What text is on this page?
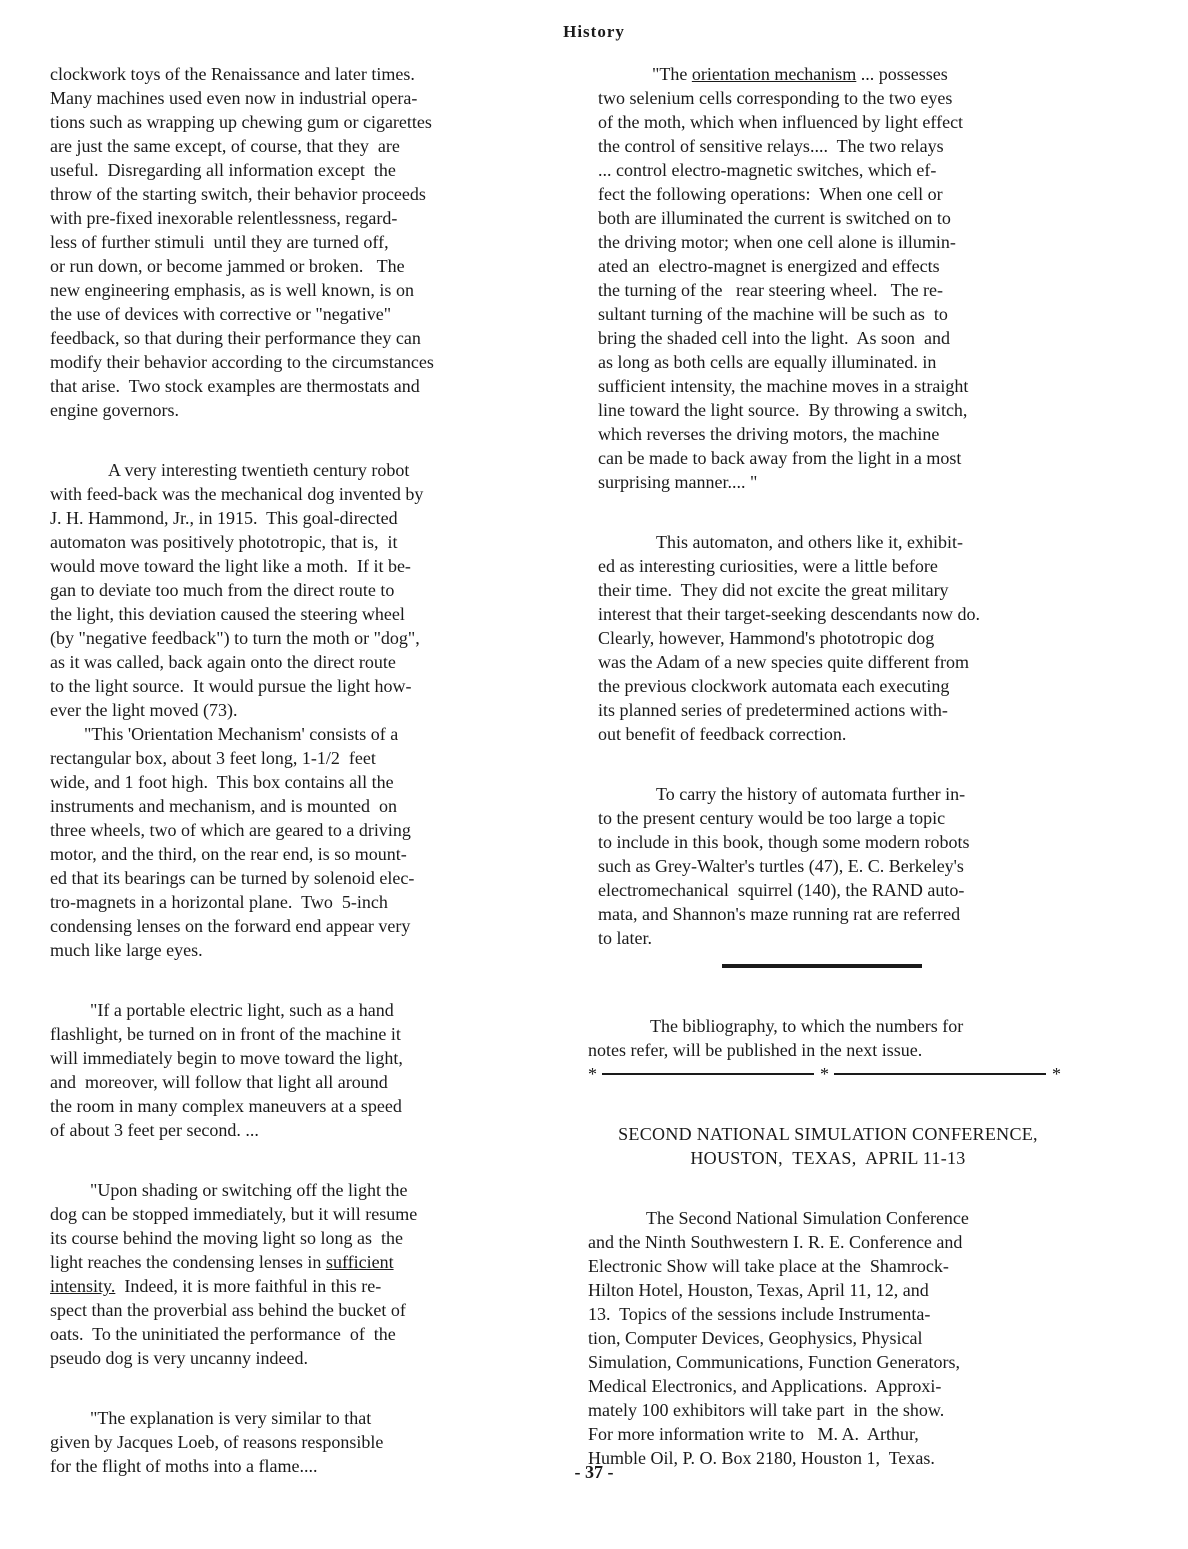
History
clockwork toys of the Renaissance and later times.
Many machines used even now in industrial opera-
tions such as wrapping up chewing gum or cigarettes
are just the same except, of course, that they  are
useful.  Disregarding all information except  the
throw of the starting switch, their behavior proceeds
with pre-fixed inexorable relentlessness, regard-
less of further stimuli  until they are turned off,
or run down, or become jammed or broken.   The
new engineering emphasis, as is well known, is on
the use of devices with corrective or "negative"
feedback, so that during their performance they can
modify their behavior according to the circumstances
that arise.  Two stock examples are thermostats and
engine governors.
A very interesting twentieth century robot
with feed-back was the mechanical dog invented by
J. H. Hammond, Jr., in 1915.  This goal-directed
automaton was positively phototropic, that is,  it
would move toward the light like a moth.  If it be-
gan to deviate too much from the direct route to
the light, this deviation caused the steering wheel
(by "negative feedback") to turn the moth or "dog",
as it was called, back again onto the direct route
to the light source.  It would pursue the light how-
ever the light moved (73).
"This 'Orientation Mechanism' consists of a
rectangular box, about 3 feet long, 1-1/2  feet
wide, and 1 foot high.  This box contains all the
instruments and mechanism, and is mounted  on
three wheels, two of which are geared to a driving
motor, and the third, on the rear end, is so mount-
ed that its bearings can be turned by solenoid elec-
tro-magnets in a horizontal plane.  Two  5-inch
condensing lenses on the forward end appear very
much like large eyes.
"If a portable electric light, such as a hand
flashlight, be turned on in front of the machine it
will immediately begin to move toward the light,
and  moreover, will follow that light all around
the room in many complex maneuvers at a speed
of about 3 feet per second. ...
"Upon shading or switching off the light the
dog can be stopped immediately, but it will resume
its course behind the moving light so long as  the
light reaches the condensing lenses in sufficient
intensity.  Indeed, it is more faithful in this re-
spect than the proverbial ass behind the bucket of
oats.  To the uninitiated the performance  of  the
pseudo dog is very uncanny indeed.
"The explanation is very similar to that
given by Jacques Loeb, of reasons responsible
for the flight of moths into a flame....
"The orientation mechanism ... possesses
two selenium cells corresponding to the two eyes
of the moth, which when influenced by light effect
the control of sensitive relays....  The two relays
... control electro-magnetic switches, which ef-
fect the following operations:  When one cell or
both are illuminated the current is switched on to
the driving motor; when one cell alone is illumin-
ated an  electro-magnet is energized and effects
the turning of the   rear steering wheel.   The re-
sultant turning of the machine will be such as  to
bring the shaded cell into the light.  As soon  and
as long as both cells are equally illuminated. in
sufficient intensity, the machine moves in a straight
line toward the light source.  By throwing a switch,
which reverses the driving motors, the machine
can be made to back away from the light in a most
surprising manner.... "
This automaton, and others like it, exhibit-
ed as interesting curiosities, were a little before
their time.  They did not excite the great military
interest that their target-seeking descendants now do.
Clearly, however, Hammond's phototropic dog
was the Adam of a new species quite different from
the previous clockwork automata each executing
its planned series of predetermined actions with-
out benefit of feedback correction.
To carry the history of automata further in-
to the present century would be too large a topic
to include in this book, though some modern robots
such as Grey-Walter's turtles (47), E. C. Berkeley's
electromechanical  squirrel (140), the RAND auto-
mata, and Shannon's maze running rat are referred
to later.
The bibliography, to which the numbers for
notes refer, will be published in the next issue.
*	*	*
SECOND NATIONAL SIMULATION CONFERENCE,
HOUSTON,  TEXAS,  APRIL 11-13
The Second National Simulation Conference
and the Ninth Southwestern I. R. E. Conference and
Electronic Show will take place at the  Shamrock-
Hilton Hotel, Houston, Texas, April 11, 12, and
13.  Topics of the sessions include Instrumenta-
tion, Computer Devices, Geophysics, Physical
Simulation, Communications, Function Generators,
Medical Electronics, and Applications.  Approxi-
mately 100 exhibitors will take part  in  the show.
For more information write to   M. A.  Arthur,
Humble Oil, P. O. Box 2180, Houston 1,  Texas.
- 37 -
